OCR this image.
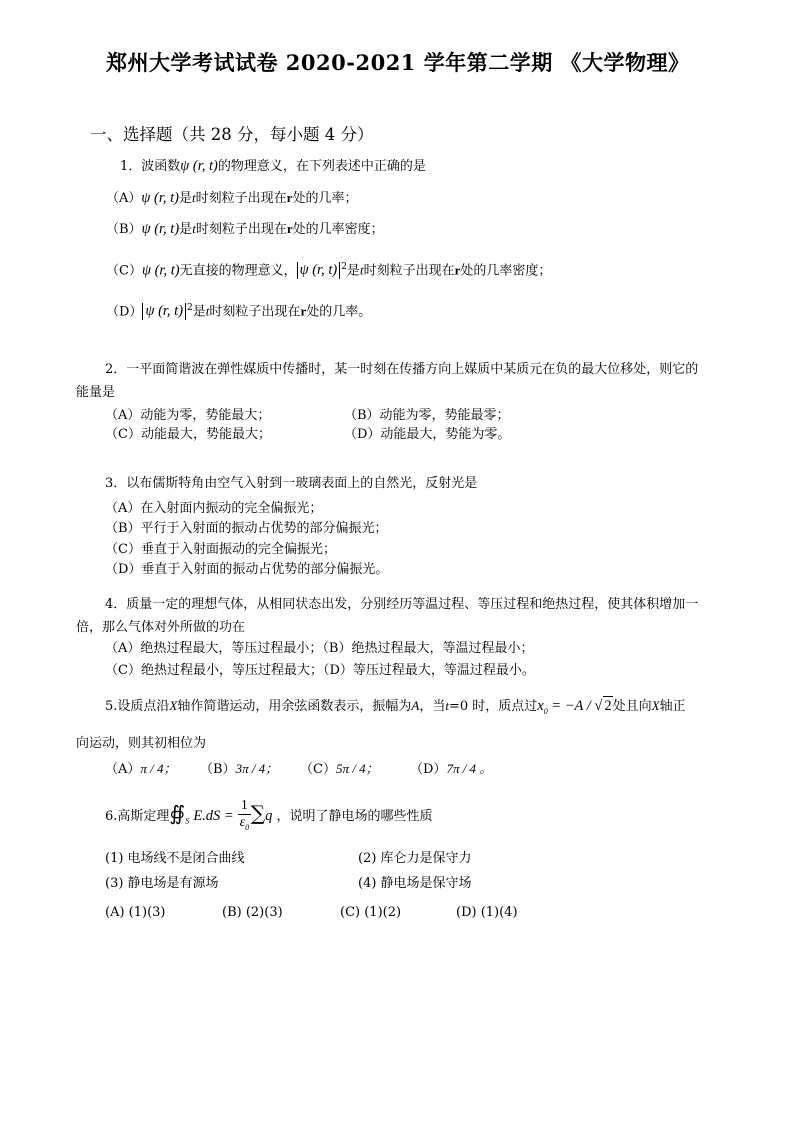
郑州大学考试试卷 2020-2021 学年第二学期 《大学物理》
一、选择题（共 28 分，每小题 4 分）
1．波函数ψ (r, t)的物理意义，在下列表述中正确的是
（A）ψ (r, t)是t时刻粒子出现在r处的几率；
（B）ψ (r, t)是t时刻粒子出现在r处的几率密度；
（C）ψ (r, t)无直接的物理意义， ψ (r, t) $^2$是t时刻粒子出现在r处的几率密度；
（D） ψ (r, t) $^2$是t时刻粒子出现在r处的几率。
2．一平面简谐波在弹性媒质中传播时，某一时刻在传播方向上媒质中某质元在负的最大位移处，则它的
能量是
（A）动能为零，势能最大；	（B）动能为零，势能最零；
（C）动能最大，势能最大；	（D）动能最大，势能为零。
3．以布儒斯特角由空气入射到一玻璃表面上的自然光，反射光是
（A）在入射面内振动的完全偏振光；
（B）平行于入射面的振动占优势的部分偏振光；
（C）垂直于入射面振动的完全偏振光；
（D）垂直于入射面的振动占优势的部分偏振光。
4．质量一定的理想气体，从相同状态出发，分别经历等温过程、等压过程和绝热过程，使其体积增加一
倍，那么气体对外所做的功在
（A）绝热过程最大，等压过程最小；（B）绝热过程最大，等温过程最小；
（C）绝热过程最小，等压过程最大；（D）等压过程最大，等温过程最小。
5.设质点沿X轴作简谐运动，用余弦函数表示，振幅为A，当t=0 时，质点过$x_0 = -A$ / √ 2处且向X轴正
向运动，则其初相位为
（A）π / 4； （B）3π / 4； （C）5π / 4； （D）7π / 4 。
6.高斯定理$∯_S$ $E.dS = \frac{1}{\varepsilon_0} \sum q$ ，说明了静电场的哪些性质
(1) 电场线不是闭合曲线	(2) 库仑力是保守力
(3) 静电场是有源场	(4) 静电场是保守场
(A) (1)(3)	(B) (2)(3)	(C) (1)(2)	(D) (1)(4)
